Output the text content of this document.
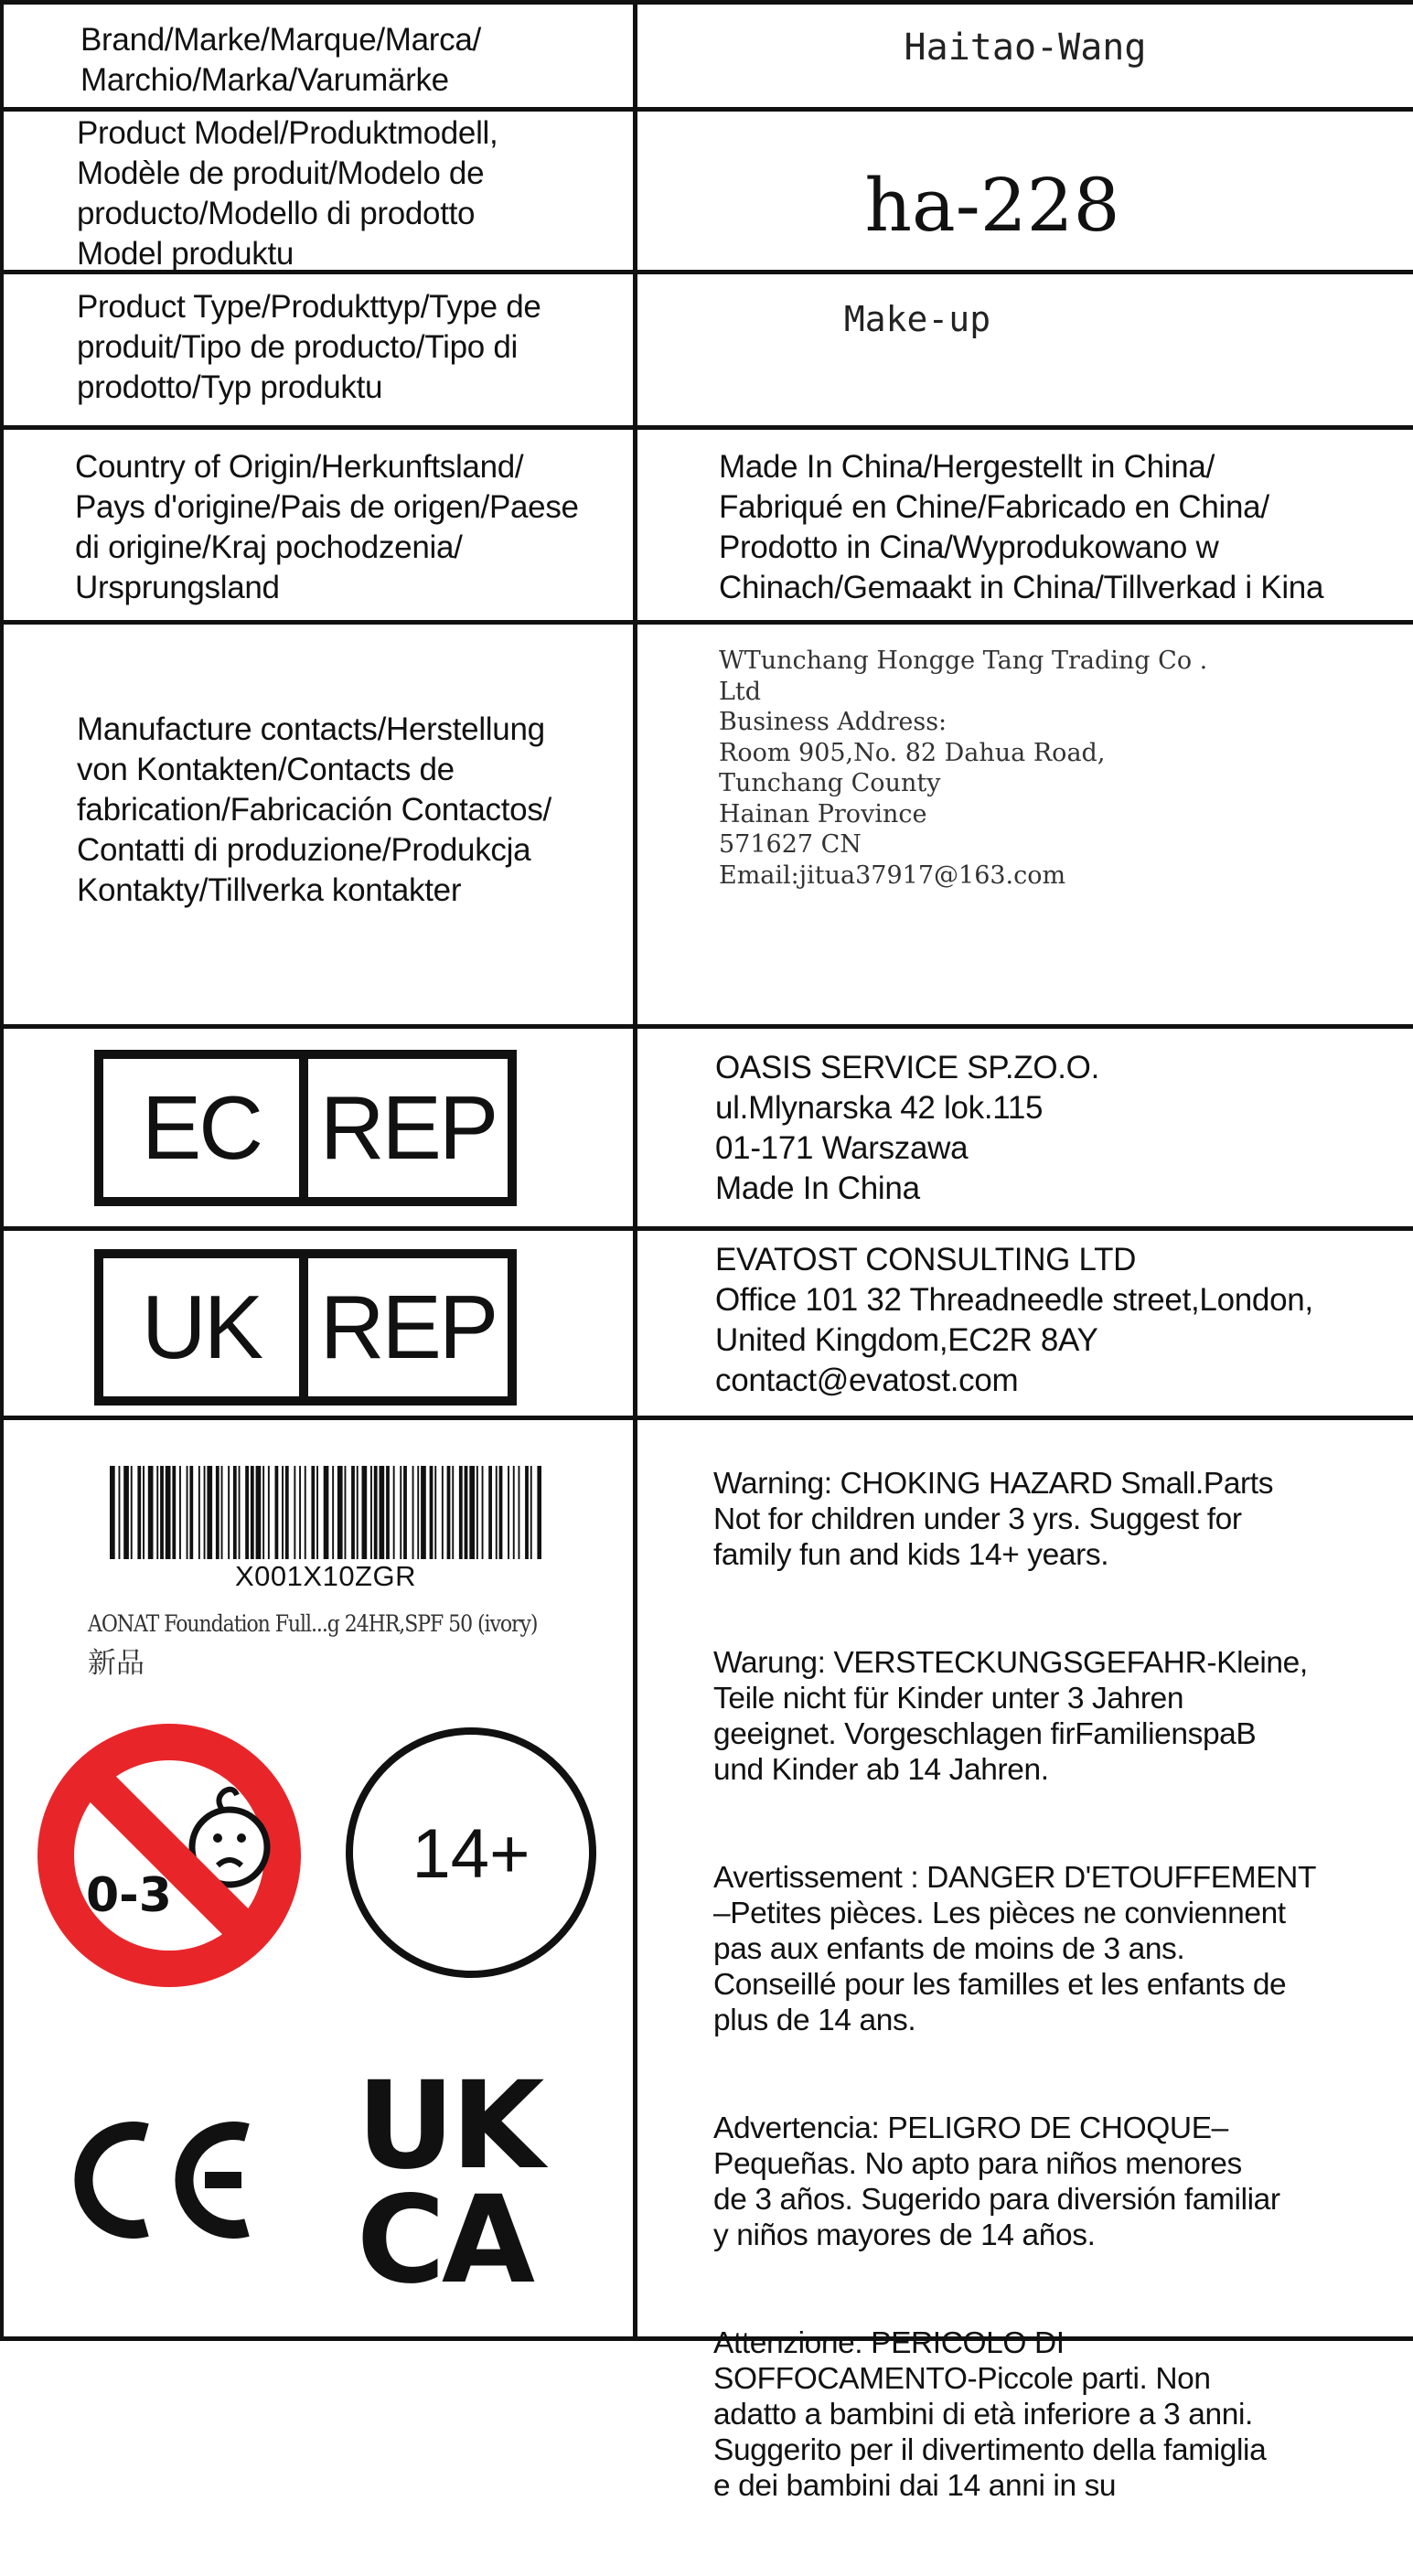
Brand/Marke/Marque/Marca/
Marchio/Marka/Varumärke
Haitao-Wang
Product Model/Produktmodell,
Modèle de produit/Modelo de
producto/Modello di prodotto
Model produktu
ha-228
Product Type/Produkttyp/Type de
produit/Tipo de producto/Tipo di
prodotto/Typ produktu
Make-up
Country of Origin/Herkunftsland/
Pays d'origine/Pais de origen/Paese
di origine/Kraj pochodzenia/
Ursprungsland
Made In China/Hergestellt in China/
Fabriqué en Chine/Fabricado en China/
Prodotto in Cina/Wyprodukowano w
Chinach/Gemaakt in China/Tillverkad i Kina
Manufacture contacts/Herstellung
von Kontakten/Contacts de
fabrication/Fabricación Contactos/
Contatti di produzione/Produkcja
Kontakty/Tillverka kontakter
WTunchang Hongge Tang Trading Co .
Ltd
Business Address:
Room 905,No. 82 Dahua Road,
Tunchang County
Hainan Province
571627 CN
Email:jitua37917@163.com
EC REP
OASIS SERVICE SP.ZO.O.
ul.Mlynarska 42 lok.115
01-171 Warszawa
Made In China
UK REP
EVATOST CONSULTING LTD
Office 101 32 Threadneedle street,London,
United Kingdom,EC2R 8AY
contact@evatost.com
X001X10ZGR
AONAT Foundation Full...g 24HR,SPF 50 (ivory)
新品
0-3
14+
UK
CA

Warning: CHOKING HAZARD Small.Parts
Not for children under 3 yrs. Suggest for
family fun and kids 14+ years.

Warung: VERSTECKUNGSGEFAHR-Kleine,
Teile nicht für Kinder unter 3 Jahren
geeignet. Vorgeschlagen firFamilienspaB
und Kinder ab 14 Jahren.

Avertissement : DANGER D'ETOUFFEMENT
–Petites pièces. Les pièces ne conviennent
pas aux enfants de moins de 3 ans.
Conseillé pour les familles et les enfants de
plus de 14 ans.

Advertencia: PELIGRO DE CHOQUE–
Pequeñas. No apto para niños menores
de 3 años. Sugerido para diversión familiar
y niños mayores de 14 años.

Attenzione: PERICOLO DI
SOFFOCAMENTO-Piccole parti. Non
adatto a bambini di età inferiore a 3 anni.
Suggerito per il divertimento della famiglia
e dei bambini dai 14 anni in su
